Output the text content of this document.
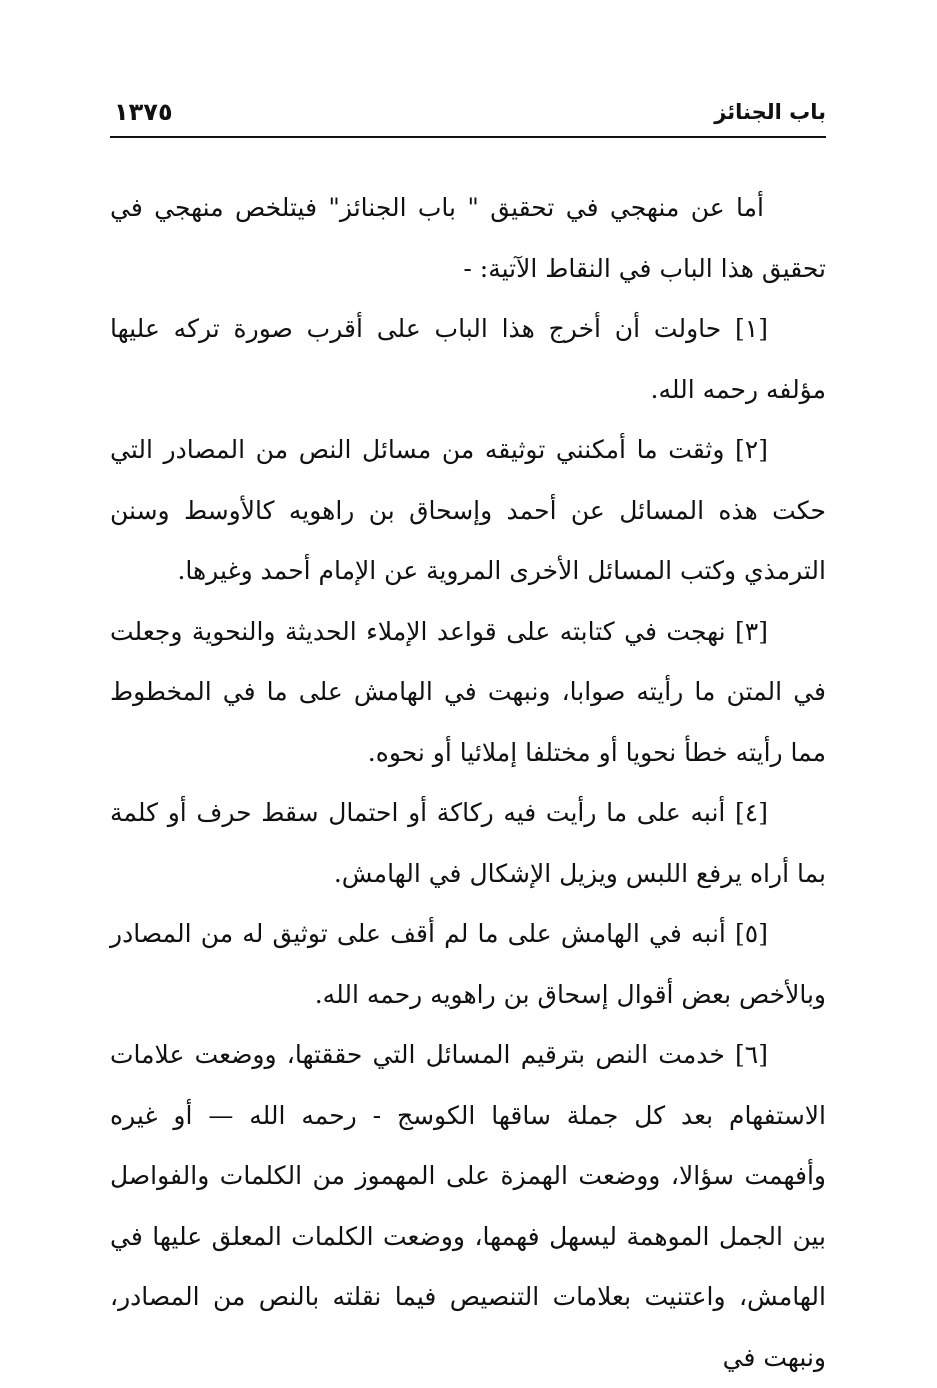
١٣٧٥	باب الجنائز

أما عن منهجي في تحقيق " باب الجنائز" فيتلخص منهجي في تحقيق هذا الباب في النقاط الآتية: -

[١] حاولت أن أخرج هذا الباب على أقرب صورة تركه عليها مؤلفه رحمه الله.

[٢] وثقت ما أمكنني توثيقه من مسائل النص من المصادر التي حكت هذه المسائل عن أحمد وإسحاق بن راهويه كالأوسط وسنن الترمذي وكتب المسائل الأخرى المروية عن الإمام أحمد وغيرها.

[٣] نهجت في كتابته على قواعد الإملاء الحديثة والنحوية وجعلت في المتن ما رأيته صوابا، ونبهت في الهامش على ما في المخطوط مما رأيته خطأ نحويا أو مختلفا إملائيا أو نحوه.

[٤] أنبه على ما رأيت فيه ركاكة أو احتمال سقط حرف أو كلمة بما أراه يرفع اللبس ويزيل الإشكال في الهامش.

[٥] أنبه في الهامش على ما لم أقف على توثيق له من المصادر وبالأخص بعض أقوال إسحاق بن راهويه رحمه الله.

[٦] خدمت النص بترقيم المسائل التي حققتها، ووضعت علامات الاستفهام بعد كل جملة ساقها الكوسج - رحمه الله — أو غيره وأفهمت سؤالا، ووضعت الهمزة على المهموز من الكلمات والفواصل بين الجمل الموهمة ليسهل فهمها، ووضعت الكلمات المعلق عليها في الهامش، واعتنيت بعلامات التنصيص فيما نقلته بالنص من المصادر، ونبهت في
